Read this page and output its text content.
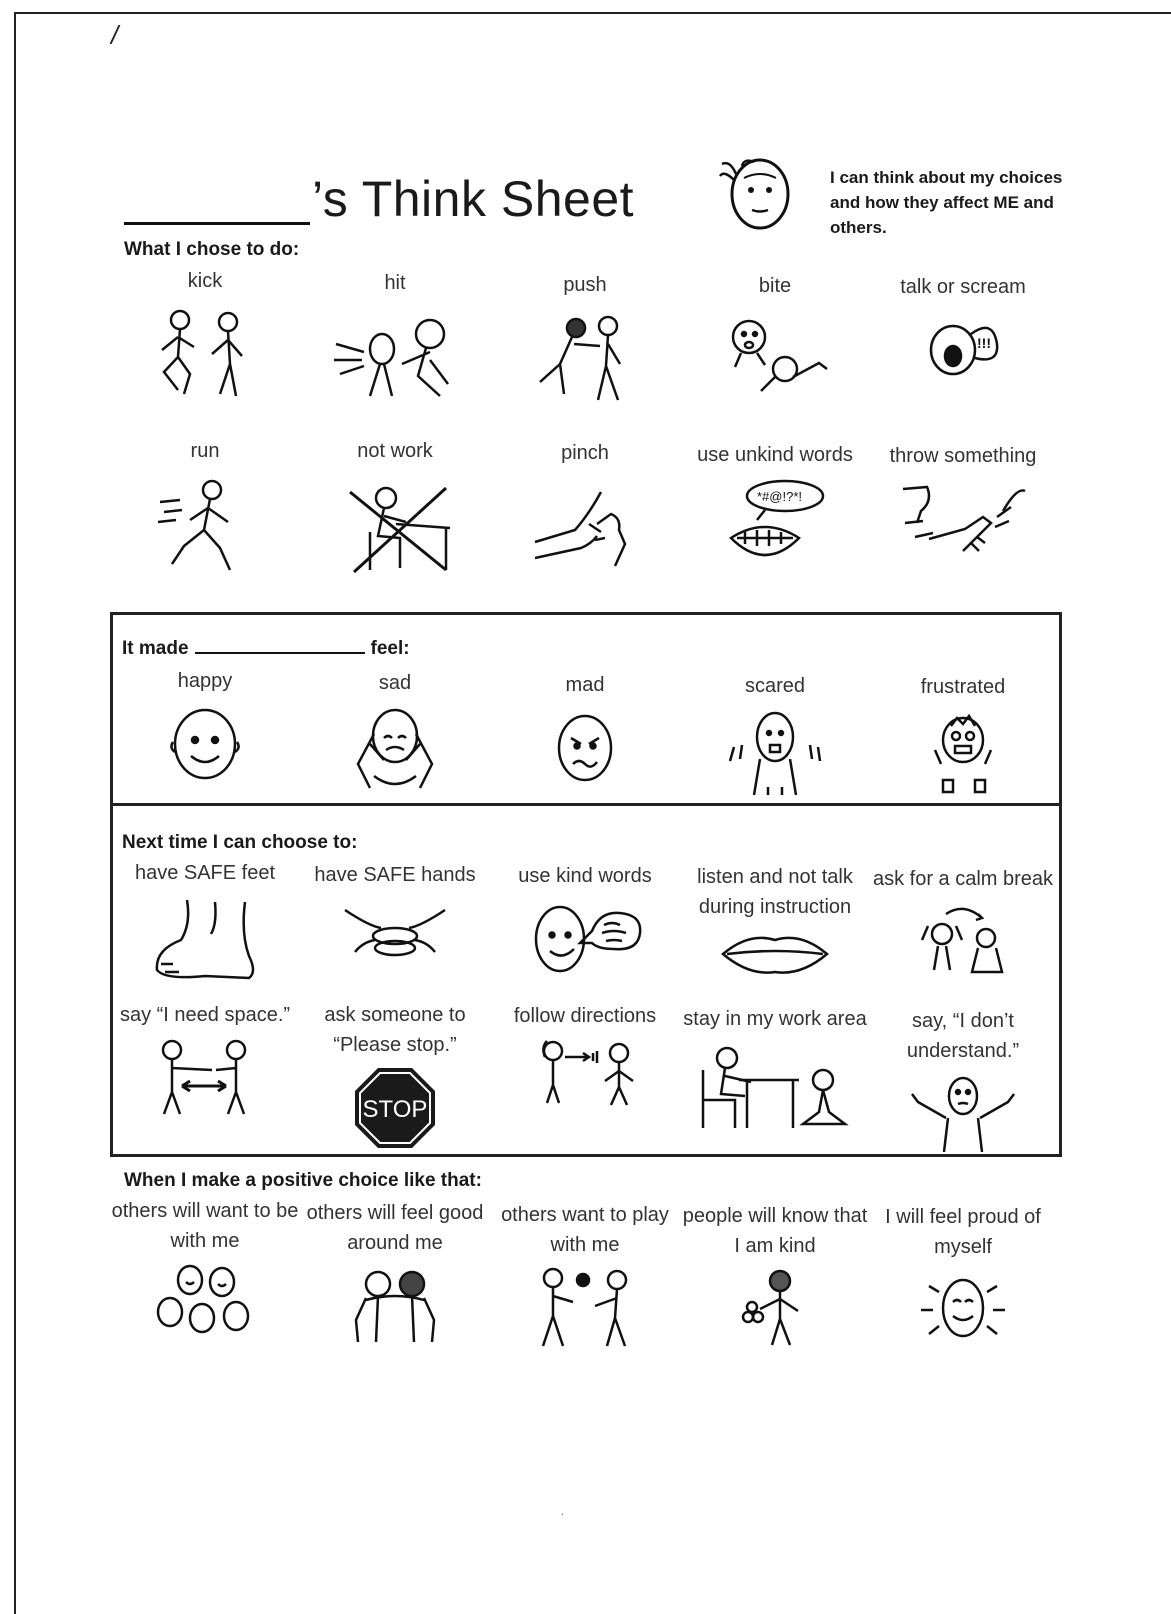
/
’s Think Sheet	I can think about my choices and how they affect ME and others.
What I chose to do:
kick	hit	push	bite	talk or scream
!!!
run	not work	pinch	use unkind words
*#@!?*!
throw something
It made	feel:
happy	sad	mad	scared	frustrated
Next time I can choose to:
have SAFE feet	have SAFE hands	use kind words	listen and not talk during instruction
ask for a calm break
say “I need space.”	ask someone to “Please stop.”
STOP
follow directions	stay in my work area	say, “I don’t understand.”
When I make a positive choice like that:
others will want to be with me
others will feel good around me
others want to play with me
people will know that I am kind
I will feel proud of myself
·
